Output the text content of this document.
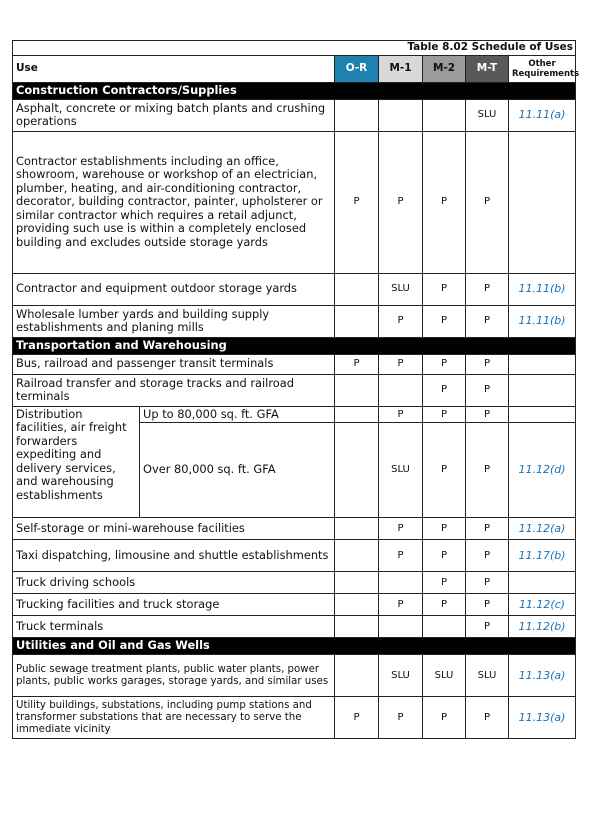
			Table 8.02 Schedule of Uses			
Use		O-R	M-1	M-2	M-T	Other Requirements
Construction Contractors/Supplies						
Asphalt, concrete or mixing batch plants and crushing operations					SLU	11.11(a)
Contractor establishments including an office, showroom, warehouse or workshop of an electrician, plumber, heating, and air-conditioning contractor, decorator, building contractor, painter, upholsterer or similar contractor which requires a retail adjunct, providing such use is within a completely enclosed building and excludes outside storage yards		P	P	P	P	
Contractor and equipment outdoor storage yards			SLU	P	P	11.11(b)
Wholesale lumber yards and building supply establishments and planing mills			P	P	P	11.11(b)
Transportation and Warehousing						
Bus, railroad and passenger transit terminals		P	P	P	P	
Railroad transfer and storage tracks and railroad terminals				P	P	
Distribution facilities, air freight forwarders expediting and delivery services, and warehousing establishments	Up to 80,000 sq. ft. GFA		P	P	P	
	Over 80,000 sq. ft. GFA		SLU	P	P	11.12(d)
Self-storage or mini-warehouse facilities			P	P	P	11.12(a)
Taxi dispatching, limousine and shuttle establishments			P	P	P	11.17(b)
Truck driving schools				P	P	
Trucking facilities and truck storage			P	P	P	11.12(c)
Truck terminals					P	11.12(b)
Utilities and Oil and Gas Wells						
Public sewage treatment plants, public water plants, power plants, public works garages, storage yards, and similar uses			SLU	SLU	SLU	11.13(a)
Utility buildings, substations, including pump stations and transformer substations that are necessary to serve the immediate vicinity		P	P	P	P	11.13(a)
